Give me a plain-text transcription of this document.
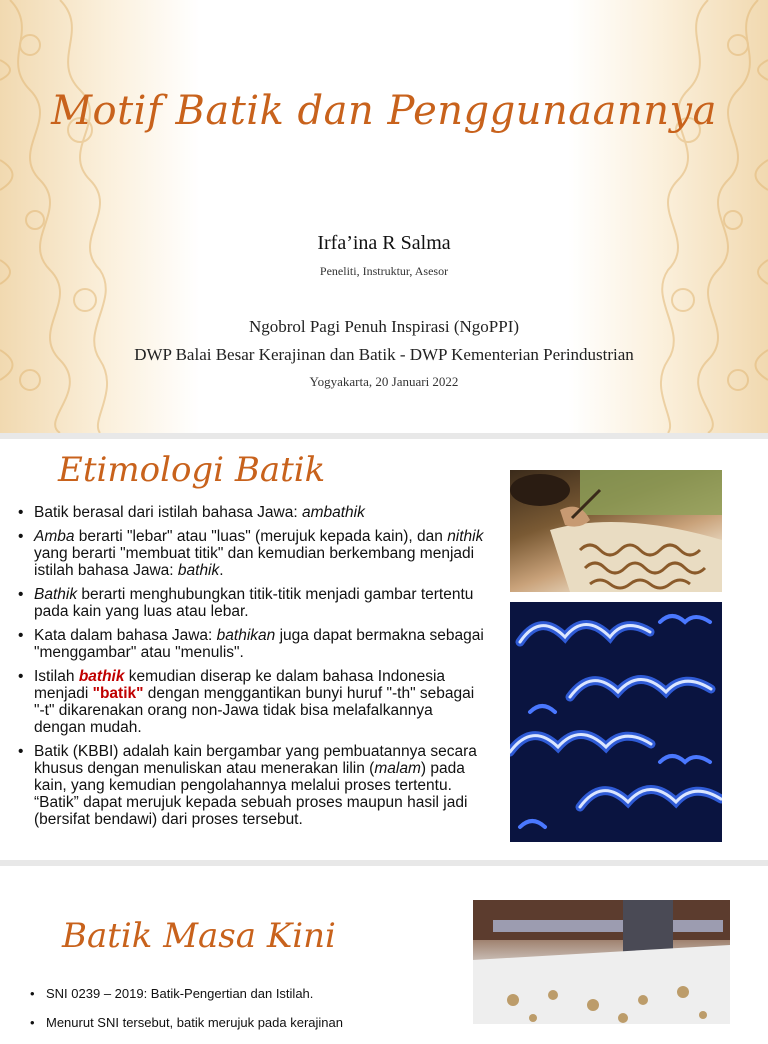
Motif Batik dan Penggunaannya
Irfa’ina R Salma
Peneliti, Instruktur, Asesor
Ngobrol Pagi Penuh Inspirasi (NgoPPI)
DWP Balai Besar Kerajinan dan Batik - DWP Kementerian Perindustrian
Yogyakarta, 20 Januari 2022
Etimologi Batik
• Batik berasal dari istilah bahasa Jawa: ambathik
• Amba berarti "lebar" atau "luas" (merujuk kepada kain), dan nithik yang berarti "membuat titik" dan kemudian berkembang menjadi istilah bahasa Jawa: bathik.
• Bathik berarti menghubungkan titik-titik menjadi gambar tertentu pada kain yang luas atau lebar.
• Kata dalam bahasa Jawa: bathikan juga dapat bermakna sebagai "menggambar" atau "menulis".
• Istilah bathik kemudian diserap ke dalam bahasa Indonesia menjadi "batik" dengan menggantikan bunyi huruf "-th" sebagai "-t" dikarenakan orang non-Jawa tidak bisa melafalkannya dengan mudah.
• Batik (KBBI) adalah kain bergambar yang pembuatannya secara khusus dengan menuliskan atau menerakan lilin (malam) pada kain, yang kemudian pengolahannya melalui proses tertentu. “Batik” dapat merujuk kepada sebuah proses maupun hasil jadi (bersifat bendawi) dari proses tersebut.
Batik Masa Kini
• SNI 0239 – 2019: Batik-Pengertian dan Istilah.
• Menurut SNI tersebut, batik merujuk pada kerajinan
